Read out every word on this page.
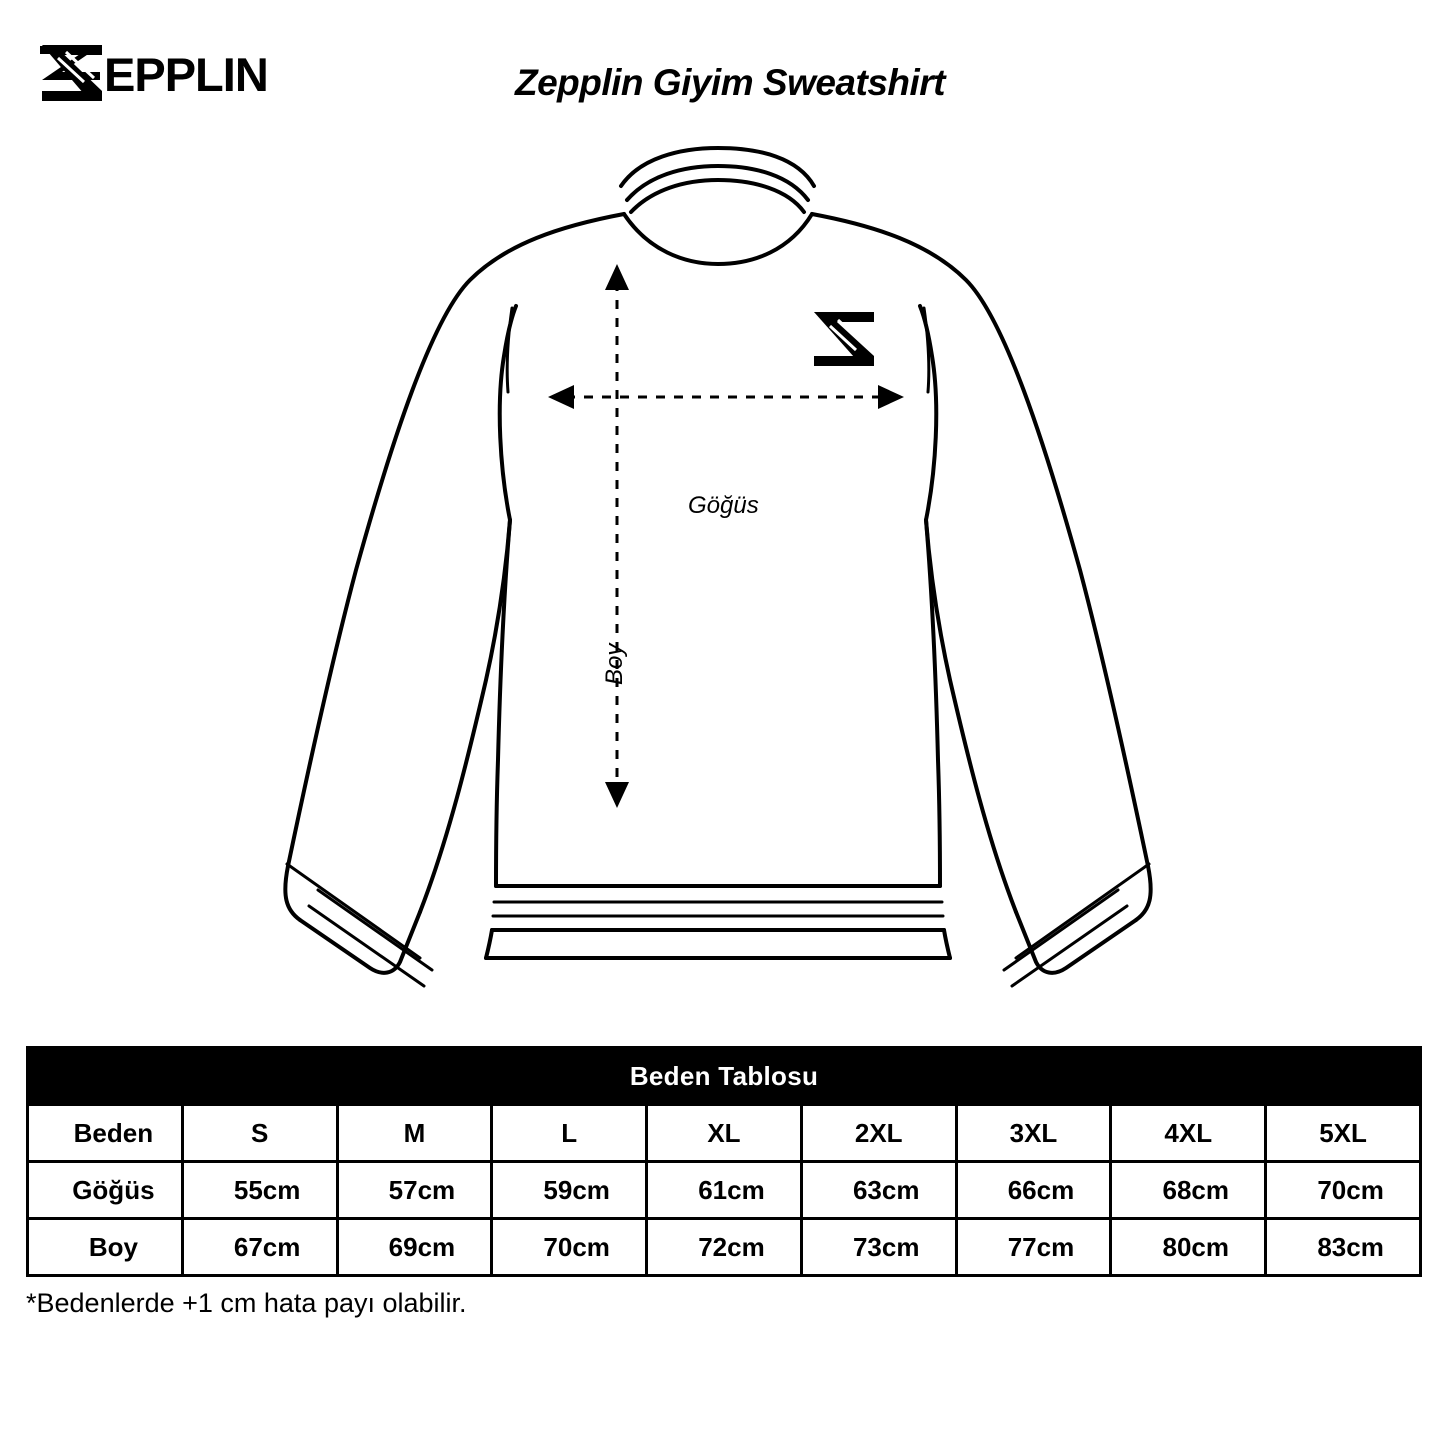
EPPLIN	Zepplin Giyim Sweatshirt
Göğüs
Boy
Beden Tablosu								
Beden	S	M	L	XL	2XL	3XL	4XL	5XL
Göğüs	55cm	57cm	59cm	61cm	63cm	66cm	68cm	70cm
Boy	67cm	69cm	70cm	72cm	73cm	77cm	80cm	83cm
*Bedenlerde +1 cm hata payı olabilir.
